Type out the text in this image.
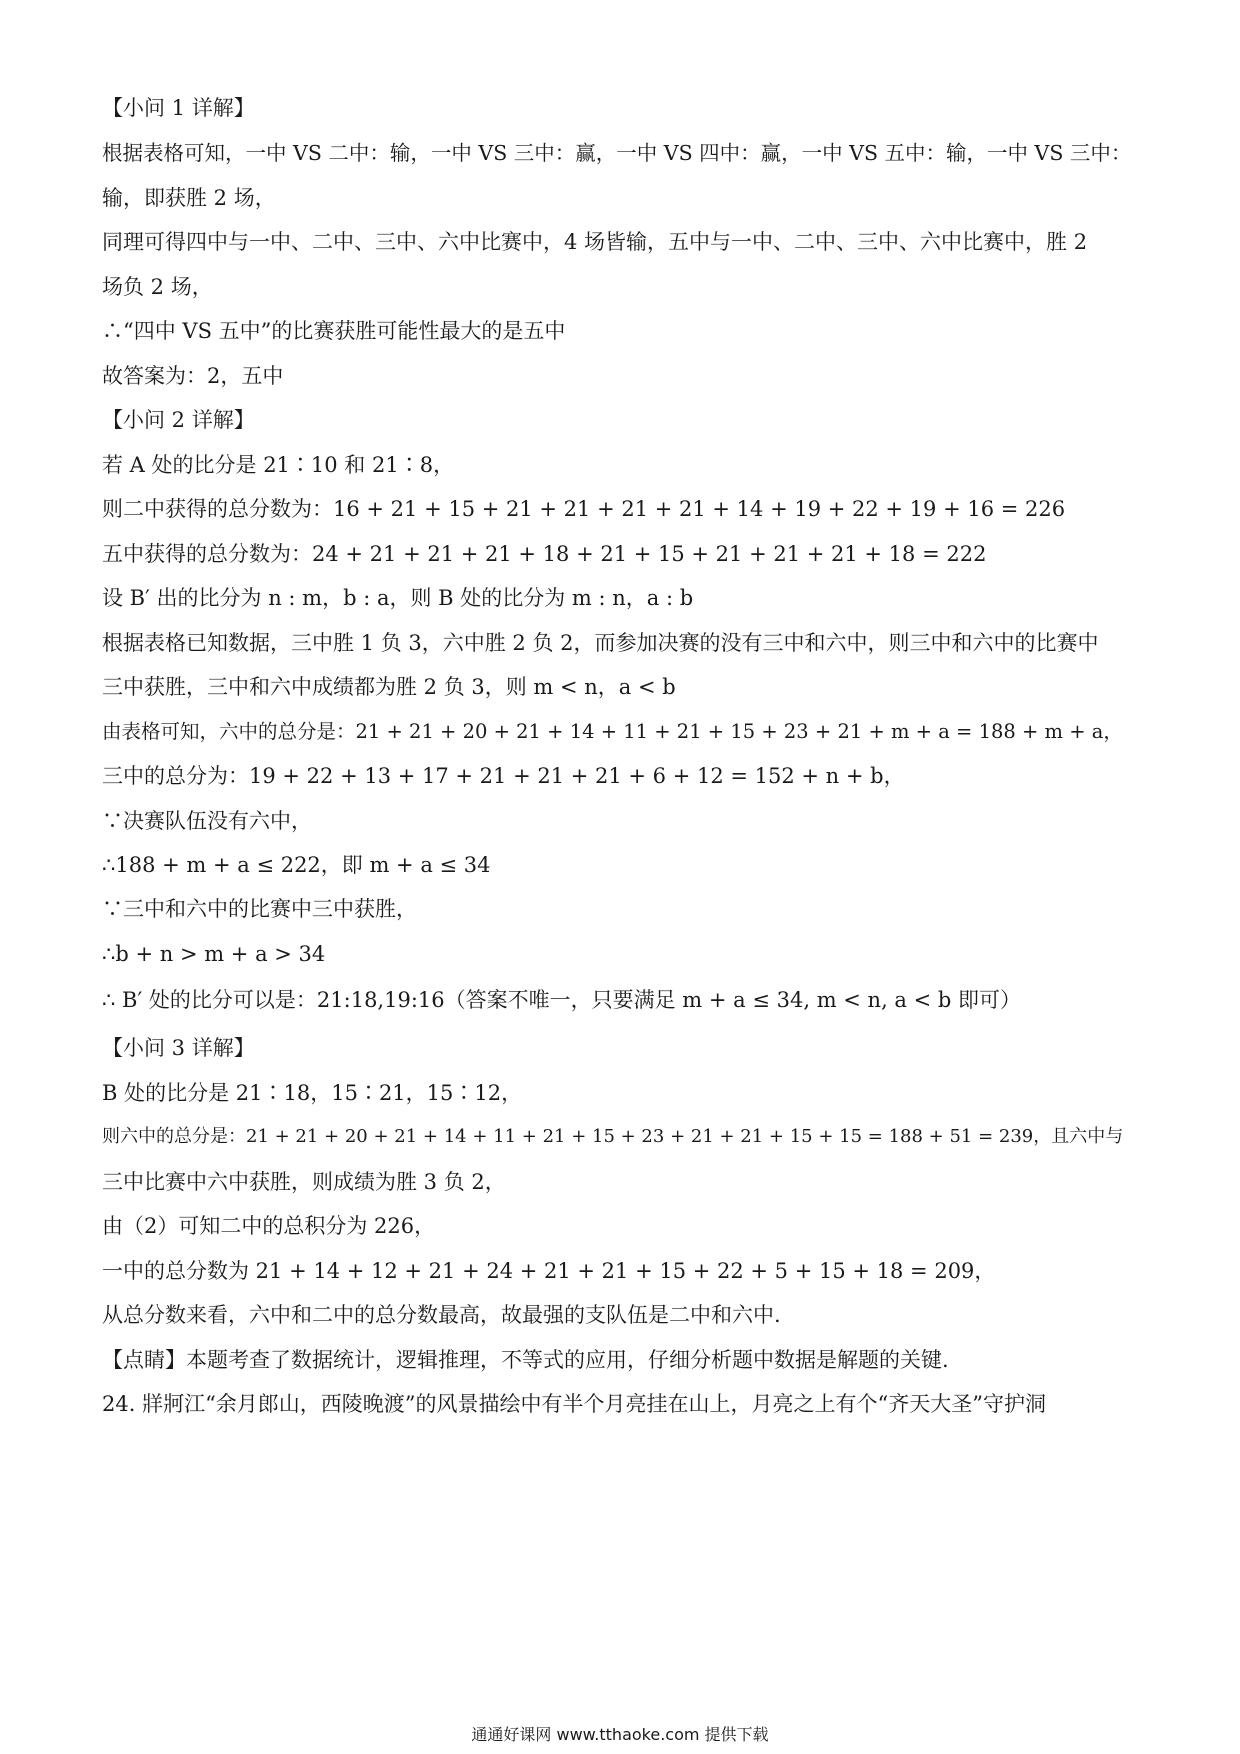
【小问 1 详解】
根据表格可知，一中 VS 二中：输，一中 VS 三中：赢，一中 VS 四中：赢，一中 VS 五中：输，一中 VS 三中：
输，即获胜 2 场，
同理可得四中与一中、二中、三中、六中比赛中，4 场皆输，五中与一中、二中、三中、六中比赛中，胜 2
场负 2 场，
∴“四中 VS 五中”的比赛获胜可能性最大的是五中
故答案为：2，五中
【小问 2 详解】
若 A 处的比分是 21∶10 和 21∶8，
则二中获得的总分数为：16 + 21 + 15 + 21 + 21 + 21 + 21 + 14 + 19 + 22 + 19 + 16 = 226
五中获得的总分数为：24 + 21 + 21 + 21 + 18 + 21 + 15 + 21 + 21 + 21 + 18 = 222
设 B′ 出的比分为 n : m，b : a，则 B 处的比分为 m : n，a : b
根据表格已知数据，三中胜 1 负 3，六中胜 2 负 2，而参加决赛的没有三中和六中，则三中和六中的比赛中
三中获胜，三中和六中成绩都为胜 2 负 3，则 m < n，a < b
由表格可知，六中的总分是：21 + 21 + 20 + 21 + 14 + 11 + 21 + 15 + 23 + 21 + m + a = 188 + m + a，
三中的总分为：19 + 22 + 13 + 17 + 21 + 21 + 21 + 6 + 12 = 152 + n + b，
∵决赛队伍没有六中，
∴188 + m + a ≤ 222，即 m + a ≤ 34
∵三中和六中的比赛中三中获胜，
∴b + n > m + a > 34
∴ B′ 处的比分可以是：21:18,19:16（答案不唯一，只要满足 m + a ≤ 34, m < n, a < b 即可）
【小问 3 详解】
B 处的比分是 21∶18，15∶21，15∶12，
则六中的总分是：21 + 21 + 20 + 21 + 14 + 11 + 21 + 15 + 23 + 21 + 21 + 15 + 15 = 188 + 51 = 239，且六中与
三中比赛中六中获胜，则成绩为胜 3 负 2，
由（2）可知二中的总积分为 226，
一中的总分数为 21 + 14 + 12 + 21 + 24 + 21 + 21 + 15 + 22 + 5 + 15 + 18 = 209，
从总分数来看，六中和二中的总分数最高，故最强的支队伍是二中和六中.
【点睛】本题考查了数据统计，逻辑推理，不等式的应用，仔细分析题中数据是解题的关键.
24. 牂牁江“余月郎山，西陵晚渡”的风景描绘中有半个月亮挂在山上，月亮之上有个“齐天大圣”守护洞
通通好课网 www.tthaoke.com 提供下载
